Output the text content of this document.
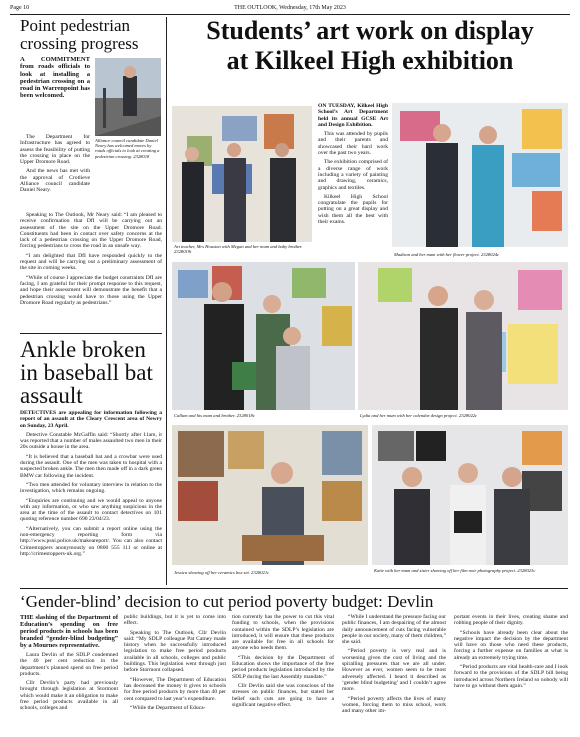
Page 10	THE OUTLOOK, Wednesday, 17th May 2023
Point pedestrian crossing progress
A COMMITMENT from roads officials to look at installing a pedestrian crossing on a road in Warrenpoint has been welcomed.
Alliance council candidate Daniel Neary has welcomed moves by roads officials to look at creating a pedestrian crossing. 2328018

The Department for Infrastructure has agreed to assess the feasibility of putting the crossing in place on the Upper Dromore Road.

And the news has met with the approval of Crotlieve Alliance council candidate Daniel Neary.

Speaking to The Outlook, Mr Neary said: “I am pleased to receive confirmation that DfI will be carrying out an assessment of the site on the Upper Dromore Road. Constituents had been in contact over safety concerns at the lack of a pedestrian crossing on the Upper Dromore Road, forcing pedestrians to cross the road in an unsafe way.

“I am delighted that DfI have responded quickly to the request and will be carrying out a preliminary assessment of the site in coming weeks.

“While of course I appreciate the budget constraints DfI are facing, I am grateful for their prompt response to this request, and hope their assessment will demonstrate the benefit that a pedestrian crossing would have to those using the Upper Dromore Road regularly as pedestrians.”

Ankle broken in baseball bat assault

DETECTIVES are appealing for information following a report of an assault at the Cleary Crescent area of Newry on Sunday, 23 April.

Detective Constable McGaffin said: “Shortly after 11am, it was reported that a number of males assaulted two men in their 20s outside a house in the area.

“It is believed that a baseball bat and a crowbar were used during the assault. One of the men was taken to hospital with a suspected broken ankle. The men then made off in a dark green BMW car following the incident.

“Two men attended for voluntary interview in relation to the investigation, which remains ongoing.

“Enquiries are continuing and we would appeal to anyone with any information, or who saw anything suspicious in the area at the time of the assault to contact detectives on 101 quoting reference number 690 23/04/23.

“Alternatively, you can submit a report online using the non-emergency reporting form via http://www.psni.police.uk/makeareport/. You can also contact Crimestoppers anonymously on 0800 555 111 or online at http://crimestoppers-uk.org.”

Students’ art work on display
at Kilkeel High exhibition
Art teacher, Mrs Houston with Megan and her mum and baby brother. 2328019t

ON TUESDAY, Kilkeel High School’s Art Department held its annual GCSE Art and Design Exhibition.

This was attended by pupils and their parents and showcased their hard work over the past two years.

The exhibition comprised of a diverse range of work including a variety of painting and drawing, ceramics, graphics and textiles.

Kilkeel High School congratulate the pupils for putting on a great display and wish them all the best with their exams.

Madison and her mum with her flower project. 2328024c
Callum and his mum and brother. 2328018c	Lydia and her mum with her calendar design project. 2328022c
Jessica showing off her ceramics box set. 2328021c	Katie with her mum and sister showing off her film noir photography project. 2328023c
‘Gender-blind’ decision to cut period poverty budget: Devlin

THE slashing of the Department of Education’s spending on free period products in schools has been branded “gender-blind budgeting” by a Mournes representative.

Laura Devlin of the SDLP condemned the 40 per cent reduction in the department’s planned spend on free period products.

Cllr Devlin’s party had previously brought through legislation at Stormont which would make it an obligation to make free period products available in all schools, colleges and

public buildings, but it is yet to come into effect.

Speaking to The Outlook, Cllr Devlin said: “My SDLP colleague Pat Catney made history when he successfully introduced legislation to make free period products available in all schools, colleges and public buildings. This legislation went through just before Stormont collapsed.

“However, The Department of Education has decreased the money it gives to schools for free period products by more than 40 per cent compared to last year’s expenditure.

“While the Department of Educa-

tion currently has the power to cut this vital funding to schools, when the provisions contained within the SDLP’s legislation are introduced, it will ensure that these products are available for free in all schools for anyone who needs them.

“This decision by the Department of Education shows the importance of the free period products legislation introduced by the SDLP during the last Assembly mandate.”

Cllr Devlin said she was conscious of the stresses on public finances, but stated her belief such cuts are going to have a significant negative effect.

“While I understand the pressure facing our public finances, I am despairing of the almost daily announcement of cuts facing vulnerable people in our society, many of them children,” she said.

“Period poverty is very real and is worsening given the cost of living and the spiralling pressures that we are all under. However as ever, women seem to be most adversely affected. I heard it described as ‘gender blind budgeting’ and I couldn’t agree more.

“Period poverty affects the lives of many women, forcing them to miss school, work and many other im-

portant events in their lives, creating shame and robbing people of their dignity.

“Schools have already been clear about the negative impact the decision by the department will have on those who need these products, forcing a further expense on families at what is already an extremely trying time.

“Period products are vital health-care and I look forward to the provisions of the SDLP bill being introduced across Northern Ireland so nobody will have to go without them again.”
